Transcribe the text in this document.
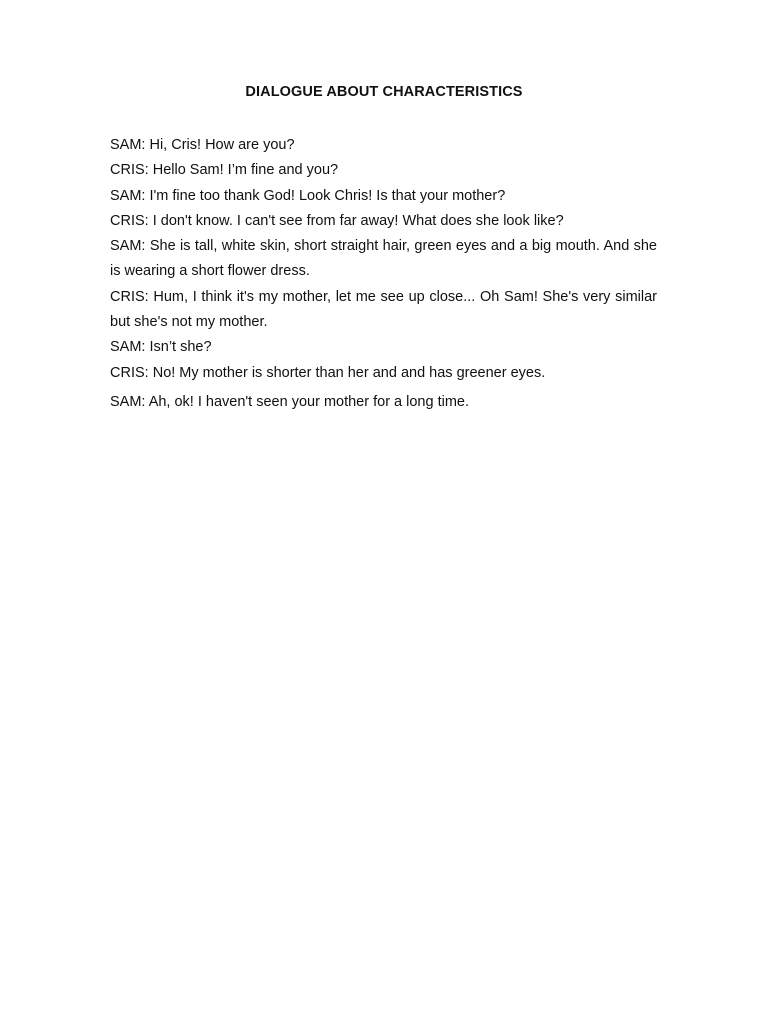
DIALOGUE ABOUT CHARACTERISTICS

SAM: Hi, Cris! How are you?

CRIS: Hello Sam! I’m fine and you?

SAM: I'm fine too thank God! Look Chris! Is that your mother?

CRIS: I don't know. I can't see from far away! What does she look like?

SAM: She is tall, white skin, short straight hair, green eyes and a big mouth. And she is wearing a short flower dress.

CRIS: Hum, I think it's my mother, let me see up close... Oh Sam! She's very similar but she's not my mother.

SAM: Isn’t she?

CRIS: No! My mother is shorter than her and and has greener eyes.

SAM: Ah, ok! I haven't seen your mother for a long time.
